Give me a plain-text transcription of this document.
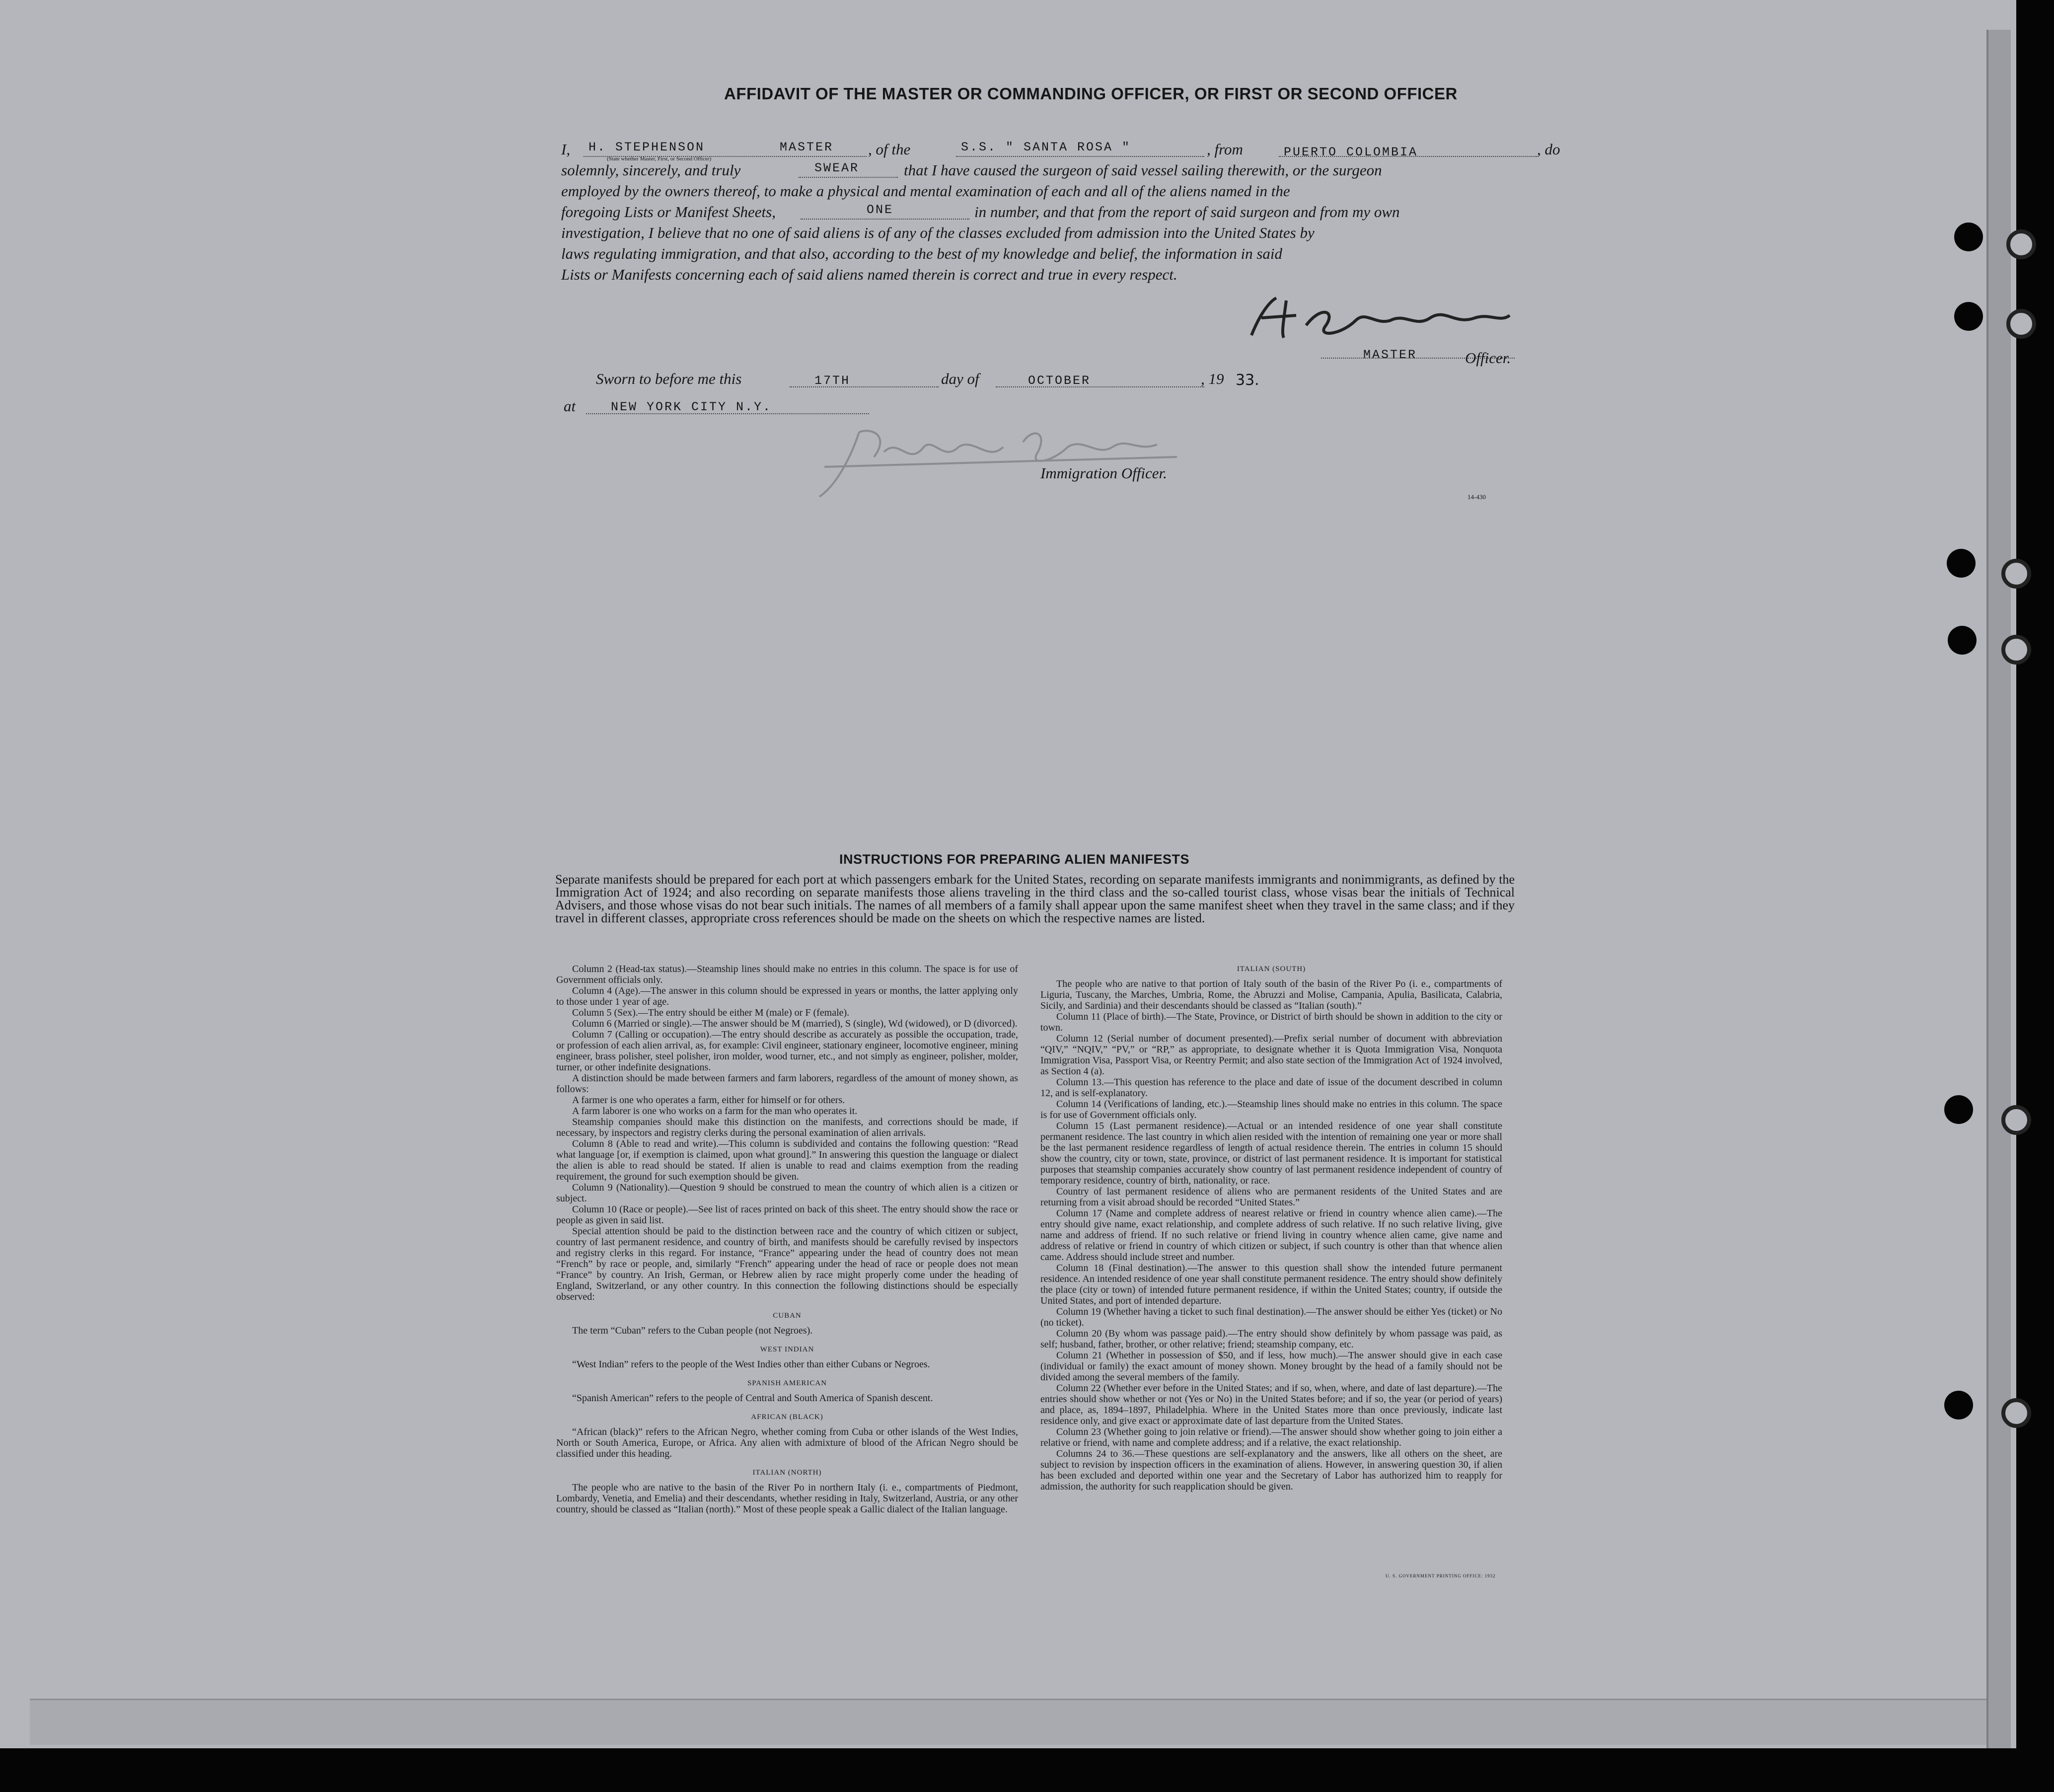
AFFIDAVIT OF THE MASTER OR COMMANDING OFFICER, OR FIRST OR SECOND OFFICER
I, H. STEPHENSON	MASTER
(State whether Master, First, or Second Officer)
, of the	S.S. " SANTA ROSA "	, from	PUERTO COLOMBIA	, do
solemnly, sincerely, and truly	SWEAR	that I have caused the surgeon of said vessel sailing therewith, or the surgeon
employed by the owners thereof, to make a physical and mental examination of each and all of the aliens named in the
foregoing Lists or Manifest Sheets,	ONE	in number, and that from the report of said surgeon and from my own
investigation, I believe that no one of said aliens is of any of the classes excluded from admission into the United States by
laws regulating immigration, and that also, according to the best of my knowledge and belief, the information in said
Lists or Manifests concerning each of said aliens named therein is correct and true in every respect.
MASTER	Officer.
Sworn to before me this	17TH	day of	OCTOBER	, 19 33.
at	NEW YORK CITY N.Y.
Immigration Officer.
14-430
INSTRUCTIONS FOR PREPARING ALIEN MANIFESTS
Separate manifests should be prepared for each port at which passengers embark for the United States, recording on separate manifests immigrants and nonimmigrants, as defined by the Immigration Act of 1924; and also recording on separate manifests those aliens traveling in the third class and the so-called tourist class, whose visas bear the initials of Technical Advisers, and those whose visas do not bear such initials. The names of all members of a family shall appear upon the same manifest sheet when they travel in the same class; and if they travel in different classes, appropriate cross references should be made on the sheets on which the respective names are listed.

Column 2 (Head-tax status).—Steamship lines should make no entries in this column. The space is for use of Government officials only.

Column 4 (Age).—The answer in this column should be expressed in years or months, the latter applying only to those under 1 year of age.

Column 5 (Sex).—The entry should be either M (male) or F (female).

Column 6 (Married or single).—The answer should be M (married), S (single), Wd (widowed), or D (divorced).

Column 7 (Calling or occupation).—The entry should describe as accurately as possible the occupation, trade, or profession of each alien arrival, as, for example: Civil engineer, stationary engineer, locomotive engineer, mining engineer, brass polisher, steel polisher, iron molder, wood turner, etc., and not simply as engineer, polisher, molder, turner, or other indefinite designations.

A distinction should be made between farmers and farm laborers, regardless of the amount of money shown, as follows:

A farmer is one who operates a farm, either for himself or for others.

A farm laborer is one who works on a farm for the man who operates it.

Steamship companies should make this distinction on the manifests, and corrections should be made, if necessary, by inspectors and registry clerks during the personal examination of alien arrivals.

Column 8 (Able to read and write).—This column is subdivided and contains the following question: “Read what language [or, if exemption is claimed, upon what ground].” In answering this question the language or dialect the alien is able to read should be stated. If alien is unable to read and claims exemption from the reading requirement, the ground for such exemption should be given.

Column 9 (Nationality).—Question 9 should be construed to mean the country of which alien is a citizen or subject.

Column 10 (Race or people).—See list of races printed on back of this sheet. The entry should show the race or people as given in said list.

Special attention should be paid to the distinction between race and the country of which citizen or subject, country of last permanent residence, and country of birth, and manifests should be carefully revised by inspectors and registry clerks in this regard. For instance, “France” appearing under the head of country does not mean “French” by race or people, and, similarly “French” appearing under the head of race or people does not mean “France” by country. An Irish, German, or Hebrew alien by race might properly come under the heading of England, Switzerland, or any other country. In this connection the following distinctions should be especially observed:

CUBAN

The term “Cuban” refers to the Cuban people (not Negroes).

WEST INDIAN

“West Indian” refers to the people of the West Indies other than either Cubans or Negroes.

SPANISH AMERICAN

“Spanish American” refers to the people of Central and South America of Spanish descent.

AFRICAN (BLACK)

“African (black)” refers to the African Negro, whether coming from Cuba or other islands of the West Indies, North or South America, Europe, or Africa. Any alien with admixture of blood of the African Negro should be classified under this heading.

ITALIAN (NORTH)

The people who are native to the basin of the River Po in northern Italy (i. e., compartments of Piedmont, Lombardy, Venetia, and Emelia) and their descendants, whether residing in Italy, Switzerland, Austria, or any other country, should be classed as “Italian (north).” Most of these people speak a Gallic dialect of the Italian language.

ITALIAN (SOUTH)

The people who are native to that portion of Italy south of the basin of the River Po (i. e., compartments of Liguria, Tuscany, the Marches, Umbria, Rome, the Abruzzi and Molise, Campania, Apulia, Basilicata, Calabria, Sicily, and Sardinia) and their descendants should be classed as “Italian (south).”

Column 11 (Place of birth).—The State, Province, or District of birth should be shown in addition to the city or town.

Column 12 (Serial number of document presented).—Prefix serial number of document with abbreviation “QIV,” “NQIV,” “PV,” or “RP,” as appropriate, to designate whether it is Quota Immigration Visa, Nonquota Immigration Visa, Passport Visa, or Reentry Permit; and also state section of the Immigration Act of 1924 involved, as Section 4 (a).

Column 13.—This question has reference to the place and date of issue of the document described in column 12, and is self-explanatory.

Column 14 (Verifications of landing, etc.).—Steamship lines should make no entries in this column. The space is for use of Government officials only.

Column 15 (Last permanent residence).—Actual or an intended residence of one year shall constitute permanent residence. The last country in which alien resided with the intention of remaining one year or more shall be the last permanent residence regardless of length of actual residence therein. The entries in column 15 should show the country, city or town, state, province, or district of last permanent residence. It is important for statistical purposes that steamship companies accurately show country of last permanent residence independent of country of temporary residence, country of birth, nationality, or race.

Country of last permanent residence of aliens who are permanent residents of the United States and are returning from a visit abroad should be recorded “United States.”

Column 17 (Name and complete address of nearest relative or friend in country whence alien came).—The entry should give name, exact relationship, and complete address of such relative. If no such relative living, give name and address of friend. If no such relative or friend living in country whence alien came, give name and address of relative or friend in country of which citizen or subject, if such country is other than that whence alien came. Address should include street and number.

Column 18 (Final destination).—The answer to this question shall show the intended future permanent residence. An intended residence of one year shall constitute permanent residence. The entry should show definitely the place (city or town) of intended future permanent residence, if within the United States; country, if outside the United States, and port of intended departure.

Column 19 (Whether having a ticket to such final destination).—The answer should be either Yes (ticket) or No (no ticket).

Column 20 (By whom was passage paid).—The entry should show definitely by whom passage was paid, as self; husband, father, brother, or other relative; friend; steamship company, etc.

Column 21 (Whether in possession of $50, and if less, how much).—The answer should give in each case (individual or family) the exact amount of money shown. Money brought by the head of a family should not be divided among the several members of the family.

Column 22 (Whether ever before in the United States; and if so, when, where, and date of last departure).—The entries should show whether or not (Yes or No) in the United States before; and if so, the year (or period of years) and place, as, 1894–1897, Philadelphia. Where in the United States more than once previously, indicate last residence only, and give exact or approximate date of last departure from the United States.

Column 23 (Whether going to join relative or friend).—The answer should show whether going to join either a relative or friend, with name and complete address; and if a relative, the exact relationship.

Columns 24 to 36.—These questions are self-explanatory and the answers, like all others on the sheet, are subject to revision by inspection officers in the examination of aliens. However, in answering question 30, if alien has been excluded and deported within one year and the Secretary of Labor has authorized him to reapply for admission, the authority for such reapplication should be given.

U. S. GOVERNMENT PRINTING OFFICE: 1932
